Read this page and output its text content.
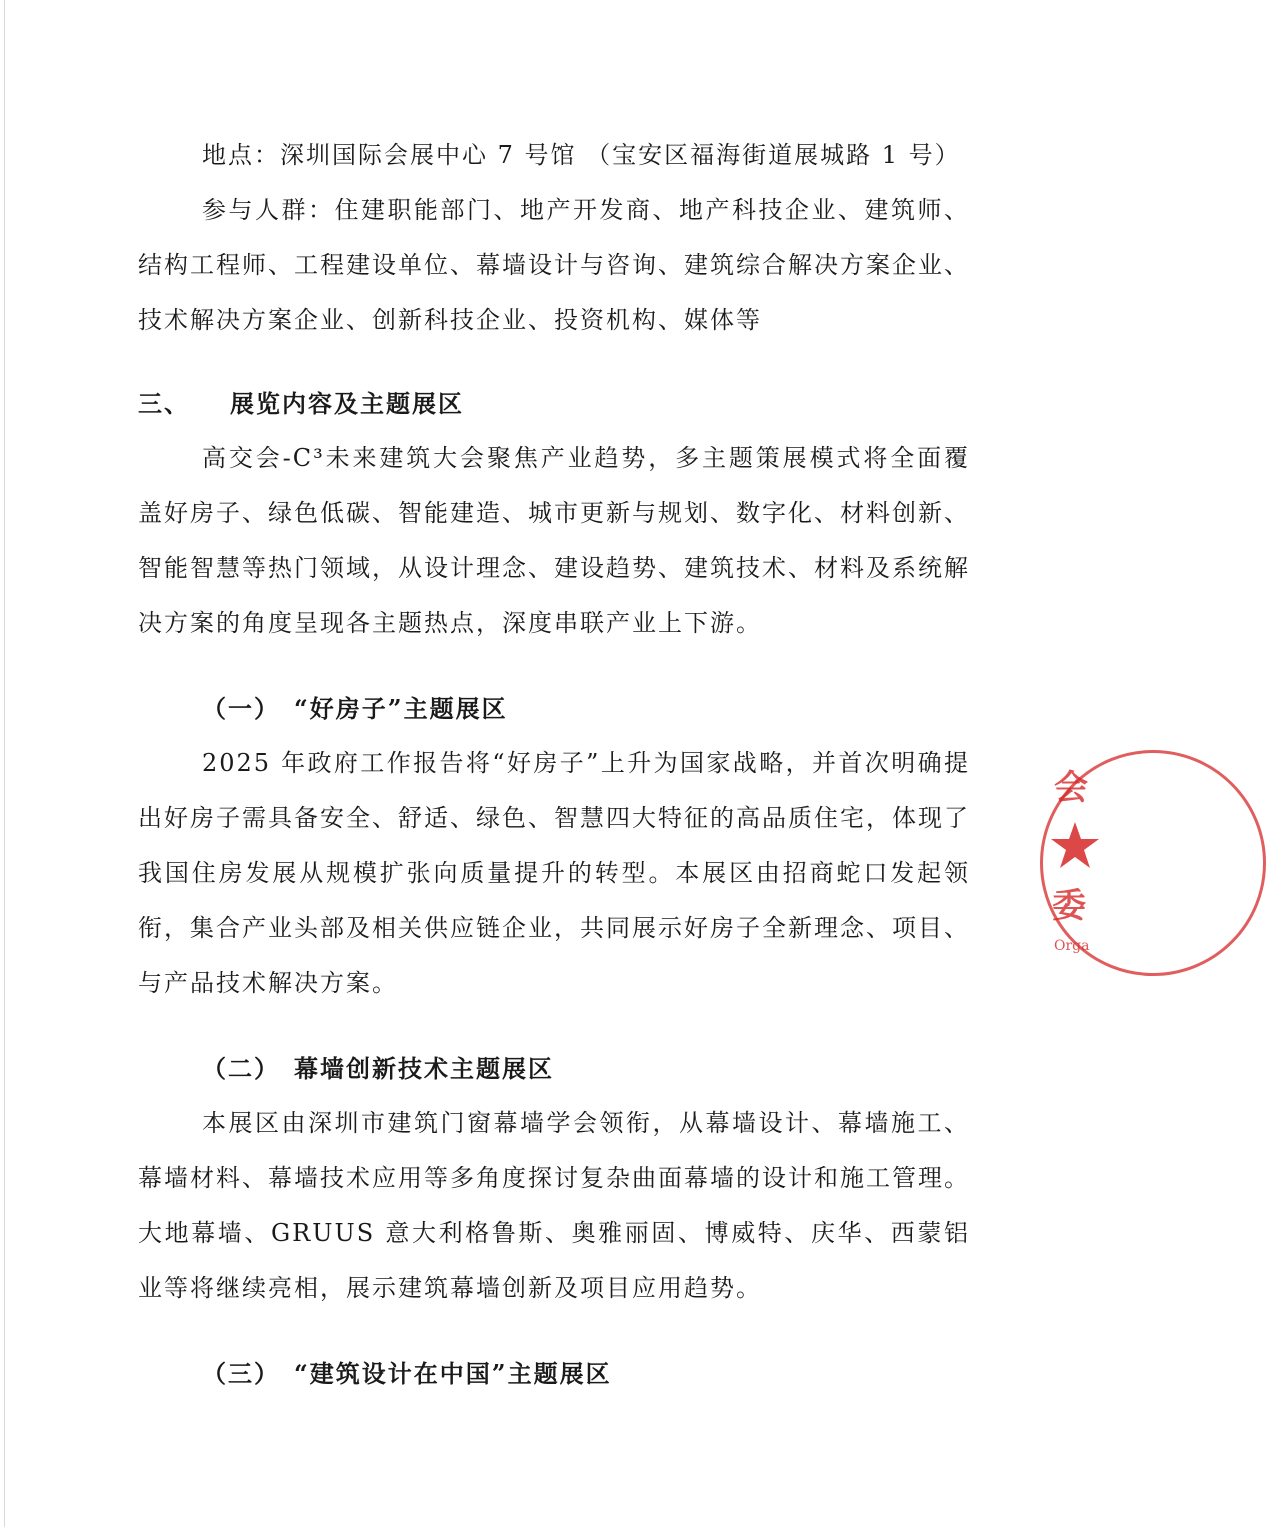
地点：深圳国际会展中心 7 号馆 （宝安区福海街道展城路 1 号）

参与人群：住建职能部门、地产开发商、地产科技企业、建筑师、结构工程师、工程建设单位、幕墙设计与咨询、建筑综合解决方案企业、技术解决方案企业、创新科技企业、投资机构、媒体等

三、 展览内容及主题展区

高交会-C³未来建筑大会聚焦产业趋势，多主题策展模式将全面覆盖好房子、绿色低碳、智能建造、城市更新与规划、数字化、材料创新、智能智慧等热门领域，从设计理念、建设趋势、建筑技术、材料及系统解决方案的角度呈现各主题热点，深度串联产业上下游。

（一） “好房子”主题展区

2025 年政府工作报告将“好房子”上升为国家战略，并首次明确提出好房子需具备安全、舒适、绿色、智慧四大特征的高品质住宅，体现了我国住房发展从规模扩张向质量提升的转型。本展区由招商蛇口发起领衔，集合产业头部及相关供应链企业，共同展示好房子全新理念、项目、与产品技术解决方案。

（二） 幕墙创新技术主题展区

本展区由深圳市建筑门窗幕墙学会领衔，从幕墙设计、幕墙施工、幕墙材料、幕墙技术应用等多角度探讨复杂曲面幕墙的设计和施工管理。大地幕墙、GRUUS 意大利格鲁斯、奥雅丽固、博威特、庆华、西蒙铝业等将继续亮相，展示建筑幕墙创新及项目应用趋势。

（三） “建筑设计在中国”主题展区
会
委
Orga
